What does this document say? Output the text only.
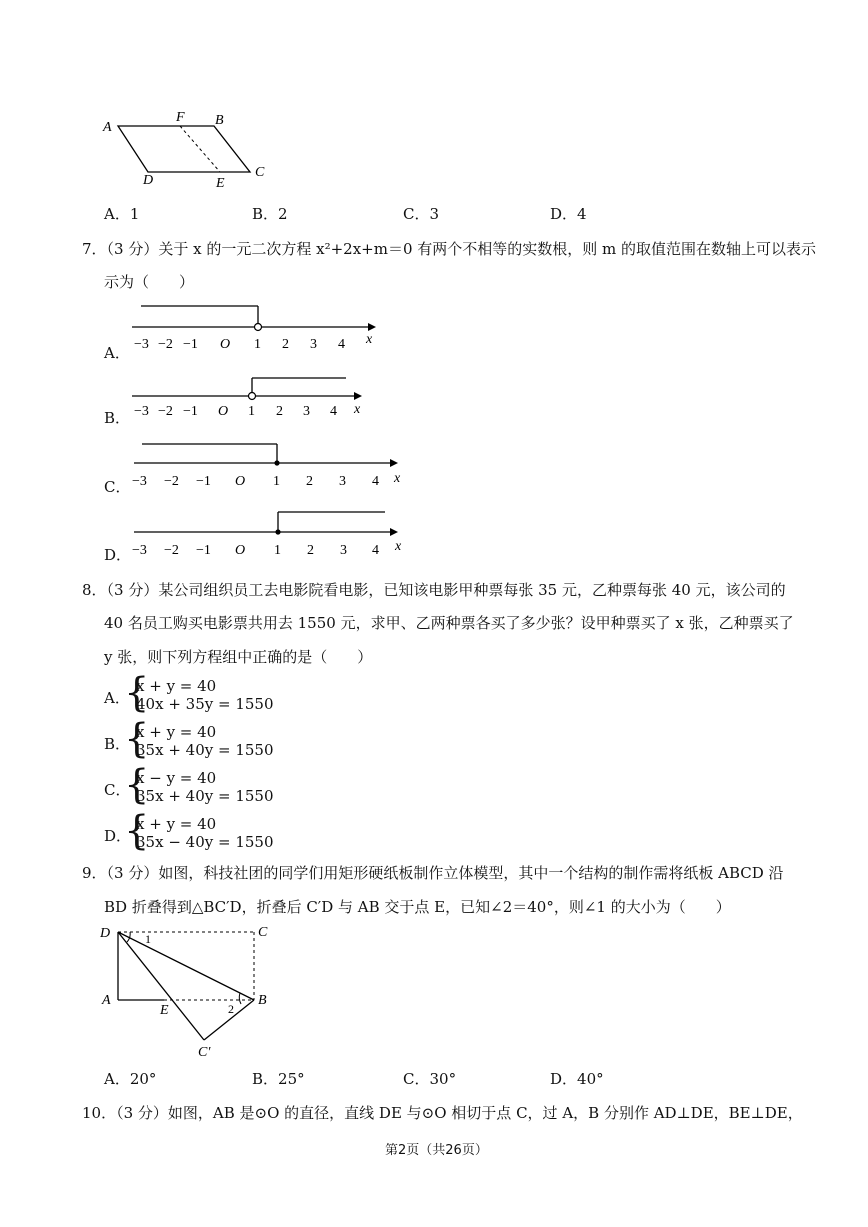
A
F B
C
D	E
A．1	B．2	C．3	D．4
7．（3 分）关于 x 的一元二次方程 x²+2x+m＝0 有两个不相等的实数根，则 m 的取值范围在数轴上可以表示
示为（　　）
A． −3 −2 −1 O 1 2 3 4 x
B． −3 −2 −1 O 1 2 3 4 x
C． −3 −2 −1 O 1 2 3 4 x
D． −3 −2 −1 O 1 2 3 4 x
8．（3 分）某公司组织员工去电影院看电影，已知该电影甲种票每张 35 元，乙种票每张 40 元，该公司的
40 名员工购买电影票共用去 1550 元，求甲、乙两种票各买了多少张？设甲种票买了 x 张，乙种票买了
y 张，则下列方程组中正确的是（　　）
A．
{
x + y = 40
40x + 35y = 1550
B．
{
x + y = 40
35x + 40y = 1550
C．
{
x − y = 40
35x + 40y = 1550
D．
{
x + y = 40
35x − 40y = 1550
9．（3 分）如图，科技社团的同学们用矩形硬纸板制作立体模型，其中一个结构的制作需将纸板 ABCD 沿
BD 折叠得到△BC′D，折叠后 C′D 与 AB 交于点 E，已知∠2＝40°，则∠1 的大小为（　　）
D	C
A	B
E
C′
1
2
A．20°	B．25°	C．30°	D．40°
10．（3 分）如图，AB 是⊙O 的直径，直线 DE 与⊙O 相切于点 C，过 A，B 分别作 AD⊥DE，BE⊥DE，
第2页（共26页）
